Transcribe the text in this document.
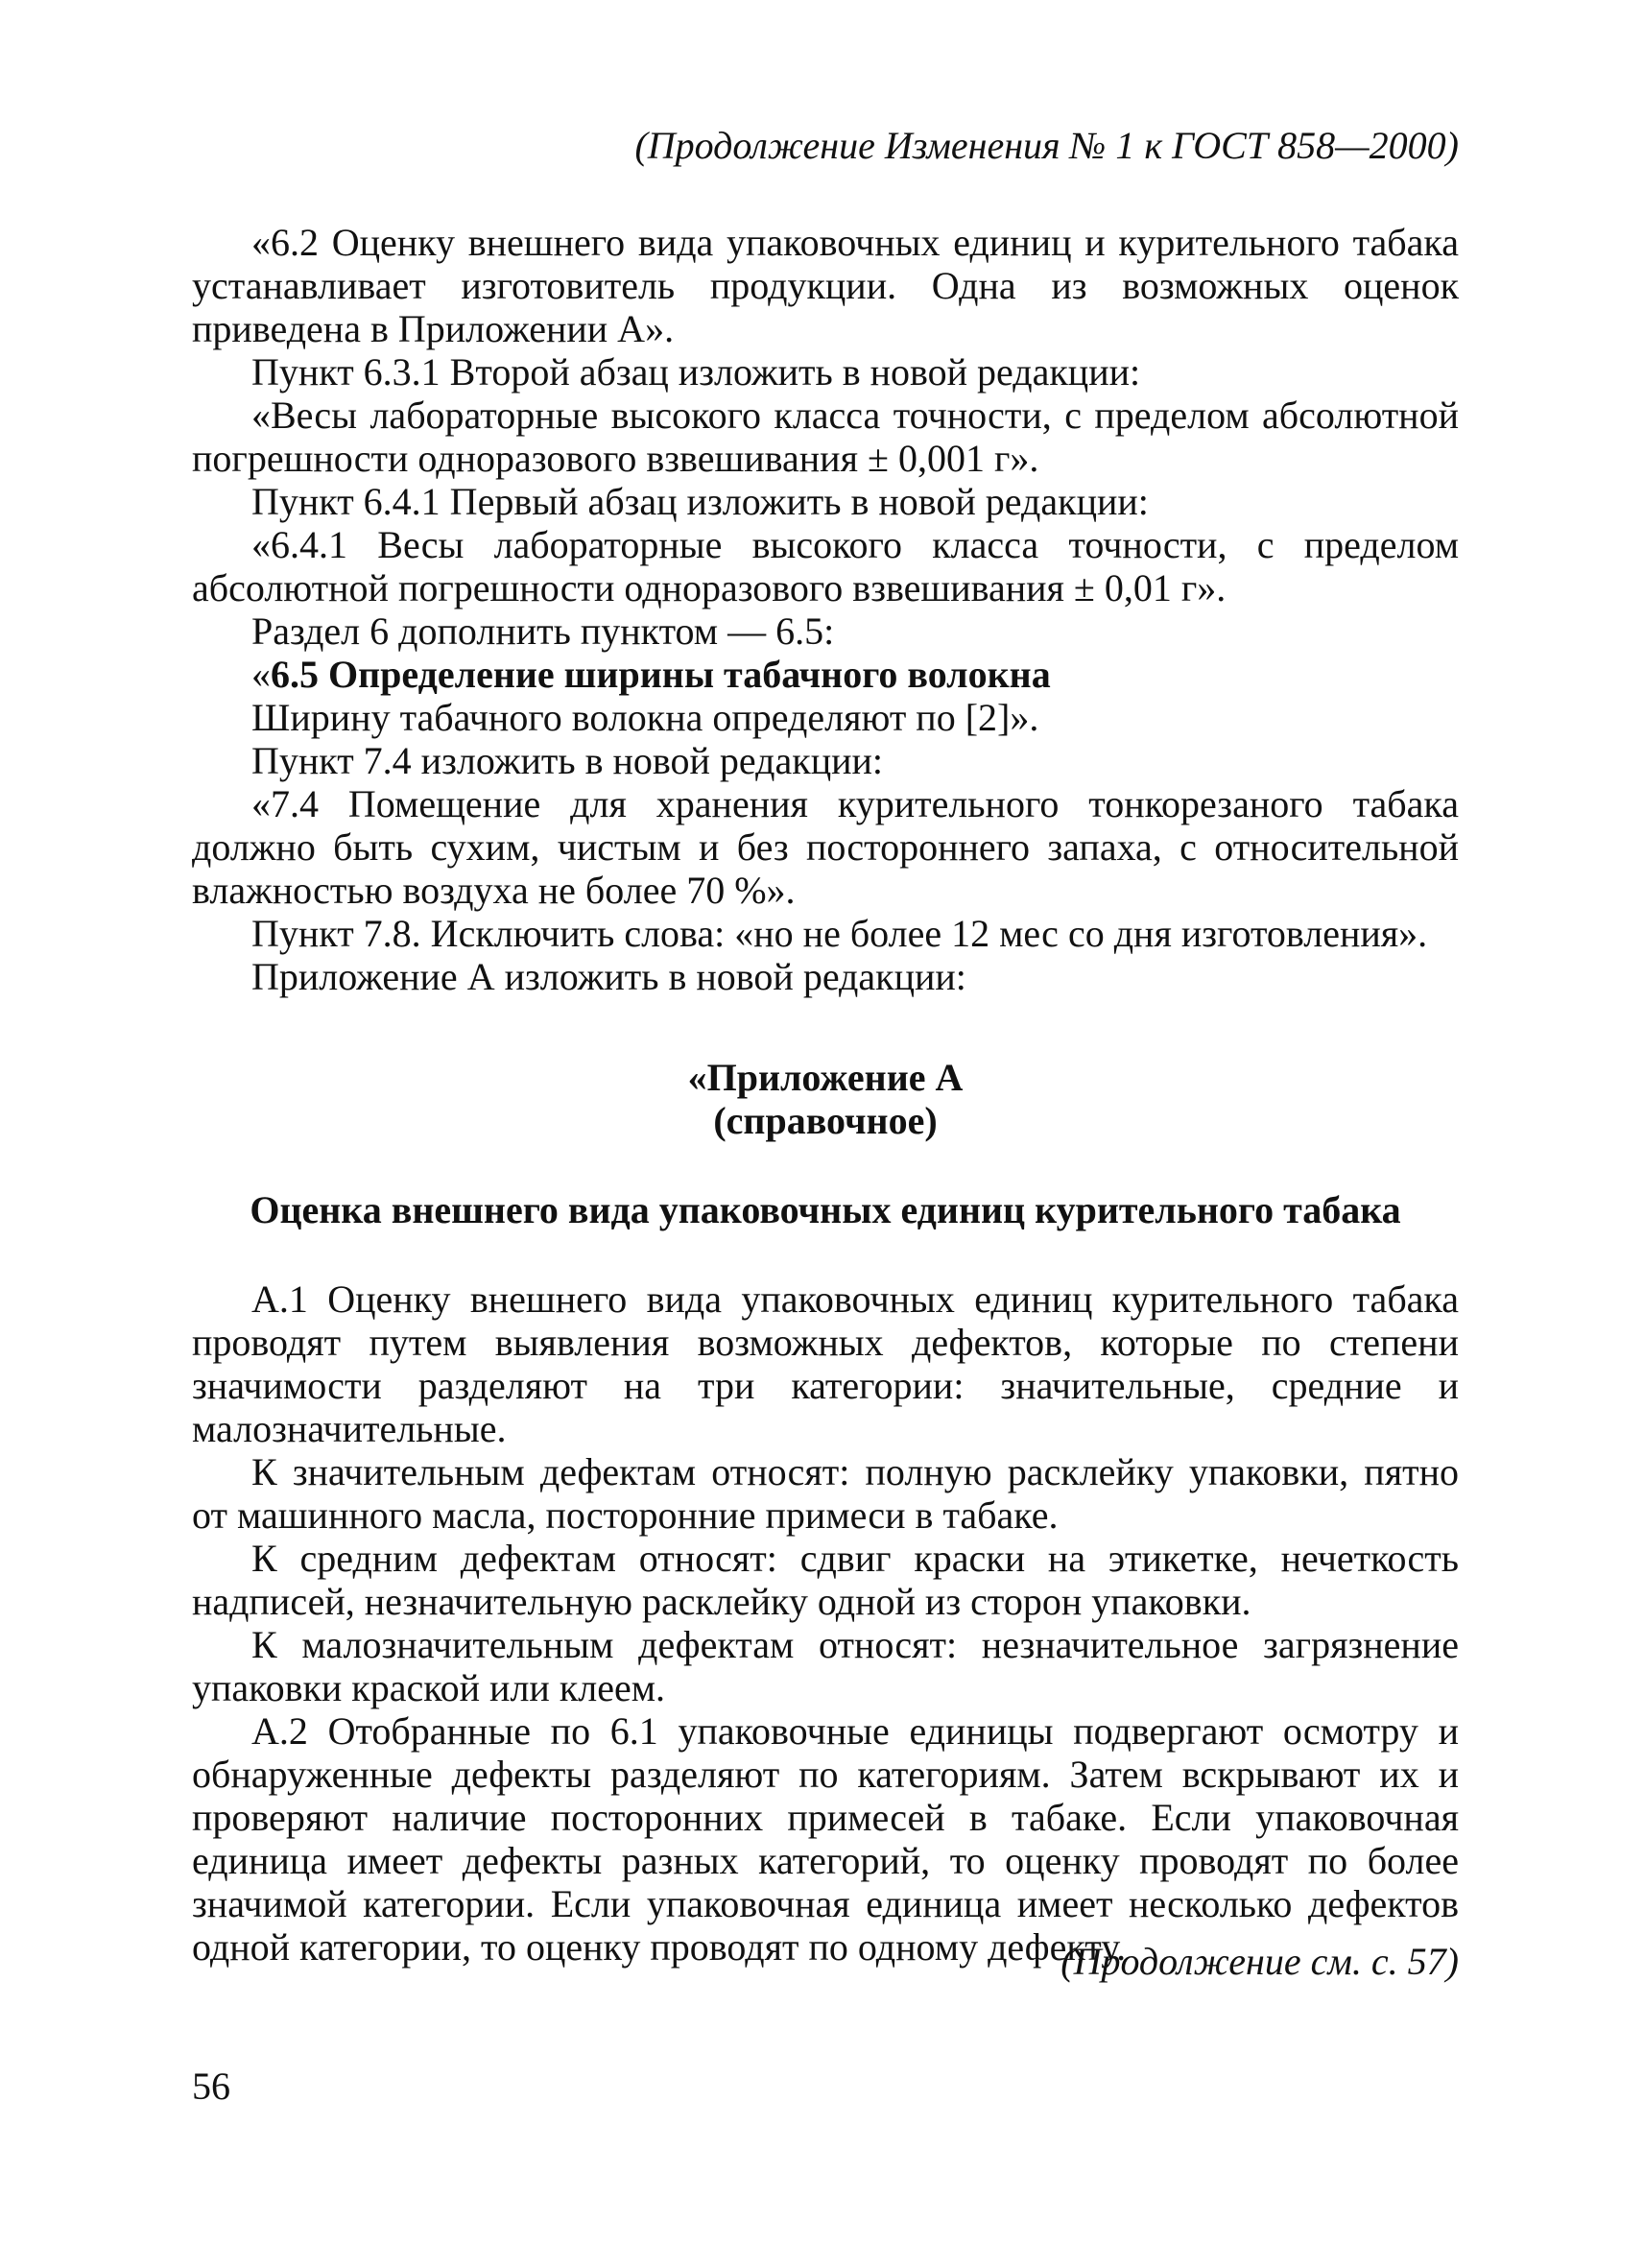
(Продолжение Изменения № 1 к ГОСТ 858—2000)

«6.2 Оценку внешнего вида упаковочных единиц и курительного табака устанавливает изготовитель продукции. Одна из возможных оценок приведена в Приложении А».

Пункт 6.3.1 Второй абзац изложить в новой редакции:

«Весы лабораторные высокого класса точности, с пределом абсолютной погрешности одноразового взвешивания ± 0,001 г».

Пункт 6.4.1 Первый абзац изложить в новой редакции:

«6.4.1 Весы лабораторные высокого класса точности, с пределом абсолютной погрешности одноразового взвешивания ± 0,01 г».

Раздел 6 дополнить пунктом — 6.5:

«6.5 Определение ширины табачного волокна

Ширину табачного волокна определяют по [2]».

Пункт 7.4 изложить в новой редакции:

«7.4 Помещение для хранения курительного тонкорезаного табака должно быть сухим, чистым и без постороннего запаха, с относительной влажностью воздуха не более 70 %».

Пункт 7.8. Исключить слова: «но не более 12 мес со дня изготовления».

Приложение А изложить в новой редакции:

«Приложение А

(справочное)

Оценка внешнего вида упаковочных единиц курительного табака

А.1 Оценку внешнего вида упаковочных единиц курительного табака проводят путем выявления возможных дефектов, которые по степени значимости разделяют на три категории: значительные, средние и малозначительные.

К значительным дефектам относят: полную расклейку упаковки, пятно от машинного масла, посторонние примеси в табаке.

К средним дефектам относят: сдвиг краски на этикетке, нечеткость надписей, незначительную расклейку одной из сторон упаковки.

К малозначительным дефектам относят: незначительное загрязнение упаковки краской или клеем.

А.2 Отобранные по 6.1 упаковочные единицы подвергают осмотру и обнаруженные дефекты разделяют по категориям. Затем вскрывают их и проверяют наличие посторонних примесей в табаке. Если упаковочная единица имеет дефекты разных категорий, то оценку проводят по более значимой категории. Если упаковочная единица имеет несколько дефектов одной категории, то оценку проводят по одному дефекту.

(Продолжение см. с. 57)
56
